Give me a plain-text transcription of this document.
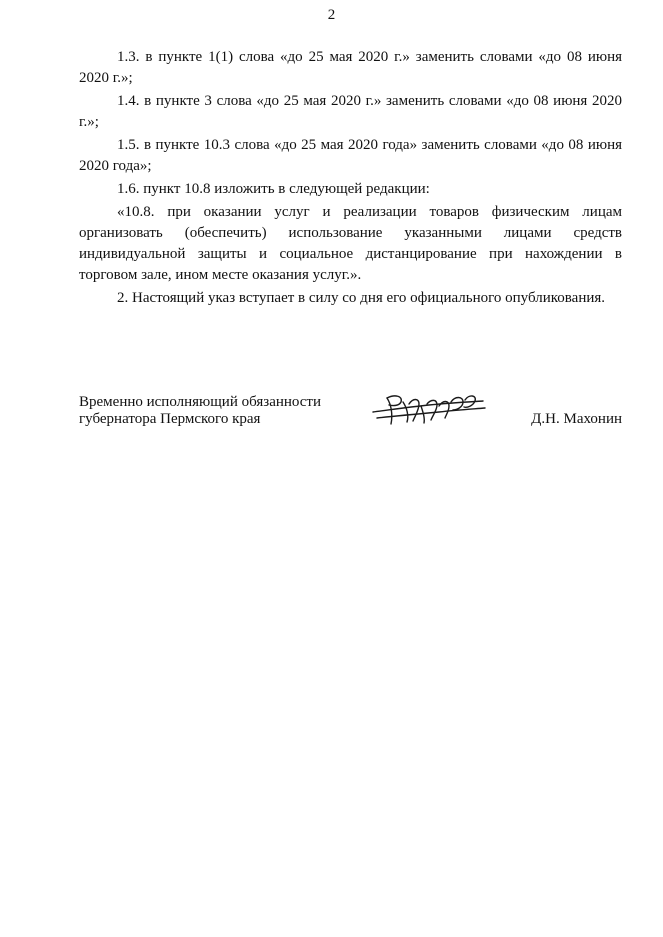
2

1.3. в пункте 1(1) слова «до 25 мая 2020 г.» заменить словами «до 08 июня 2020 г.»;

1.4. в пункте 3 слова «до 25 мая 2020 г.» заменить словами «до 08 июня 2020 г.»;

1.5. в пункте 10.3 слова «до 25 мая 2020 года» заменить словами «до 08 июня 2020 года»;

1.6. пункт 10.8 изложить в следующей редакции:

«10.8. при оказании услуг и реализации товаров физическим лицам организовать (обеспечить) использование указанными лицами средств индивидуальной защиты и социальное дистанцирование при нахождении в торговом зале, ином месте оказания услуг.».

2. Настоящий указ вступает в силу со дня его официального опубликования.

Временно исполняющий обязанности
губернатора Пермского края	Д.Н. Махонин
